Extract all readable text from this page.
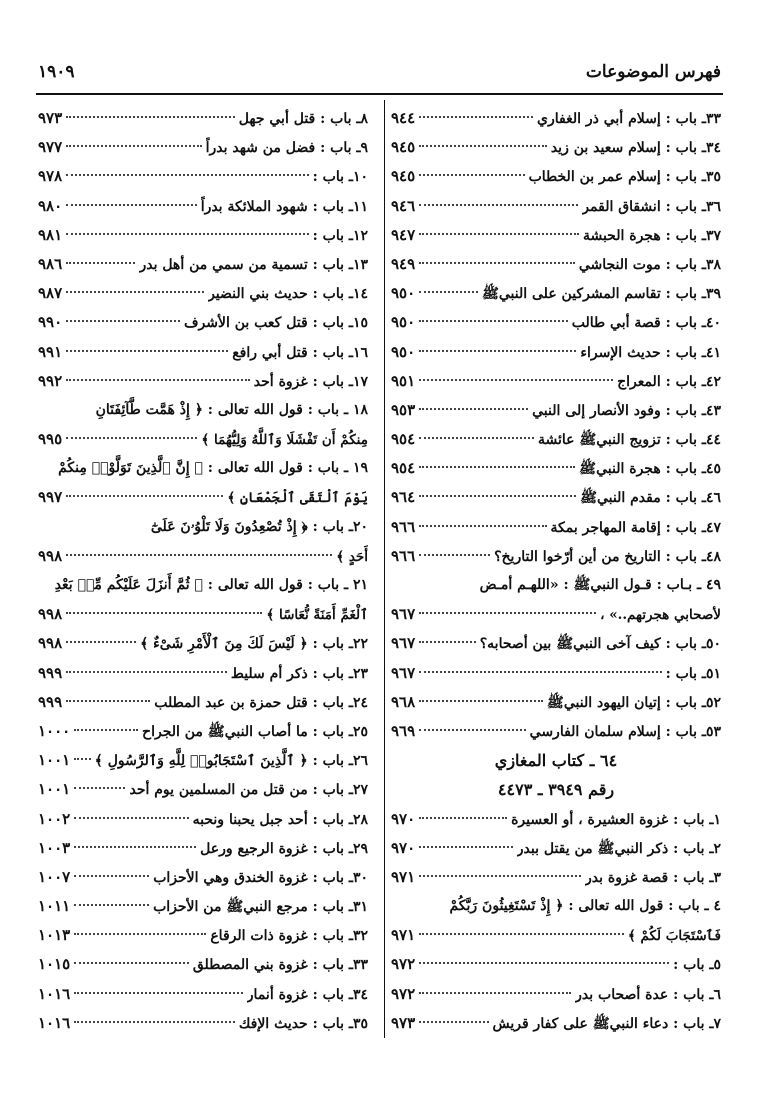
فهرس الموضوعات
١٩٠٩
٣٣ـ باب : إسلام أبي ذر الغفاري
٩٤٤
٣٤ـ باب : إسلام سعيد بن زيد
٩٤٥
٣٥ـ باب : إسلام عمر بن الخطاب
٩٤٥
٣٦ـ باب : انشقاق القمر
٩٤٦
٣٧ـ باب : هجرة الحبشة
٩٤٧
٣٨ـ باب : موت النجاشي
٩٤٩
٣٩ـ باب : تقاسم المشركين على النبيﷺ
٩٥٠
٤٠ـ باب : قصة أبي طالب
٩٥٠
٤١ـ باب : حديث الإسراء
٩٥٠
٤٢ـ باب : المعراج
٩٥١
٤٣ـ باب : وفود الأنصار إلى النبي
٩٥٣
٤٤ـ باب : تزويج النبيﷺ عائشة
٩٥٤
٤٥ـ باب : هجرة النبيﷺ
٩٥٤
٤٦ـ باب : مقدم النبيﷺ
٩٦٤
٤٧ـ باب : إقامة المهاجر بمكة
٩٦٦
٤٨ـ باب : التاريخ من أين أرّخوا التاريخ؟
٩٦٦
٤٩ ـ بـاب : قـول النبيﷺ : «اللهـم أمـض
لأصحابي هجرتهم..» ،
٩٦٧
٥٠ـ باب : كيف آخى النبيﷺ بين أصحابه؟
٩٦٧
٥١ـ باب :
٩٦٧
٥٢ـ باب : إتيان اليهود النبيﷺ
٩٦٨
٥٣ـ باب : إسلام سلمان الفارسي
٩٦٩
٦٤ ـ كتاب المغازي
رقم ٣٩٤٩ ـ ٤٤٧٣
١ـ باب : غزوة العشيرة ، أو العسيرة
٩٧٠
٢ـ باب : ذكر النبيﷺ من يقتل ببدر
٩٧٠
٣ـ باب : قصة غزوة بدر
٩٧١
٤ ـ باب : قول الله تعالى : ﴿ إِذْ تَسْتَغِيثُونَ رَبَّكُمْ
فَٱسْتَجَابَ لَكُمْ ﴾
٩٧١
٥ـ باب :
٩٧٢
٦ـ باب : عدة أصحاب بدر
٩٧٢
٧ـ باب : دعاء النبيﷺ على كفار قريش
٩٧٣
٨ـ باب : قتل أبي جهل
٩٧٣
٩ـ باب : فضل من شهد بدراً
٩٧٧
١٠ـ باب :
٩٧٨
١١ـ باب : شهود الملائكة بدراً
٩٨٠
١٢ـ باب :
٩٨١
١٣ـ باب : تسمية من سمي من أهل بدر
٩٨٦
١٤ـ باب : حديث بني النضير
٩٨٧
١٥ـ باب : قتل كعب بن الأشرف
٩٩٠
١٦ـ باب : قتل أبي رافع
٩٩١
١٧ـ باب : غزوة أحد
٩٩٢
١٨ ـ باب : قول الله تعالى : ﴿ إِذْ هَمَّت طَّآئِفَتَانِ
مِنكُمْ أَن تَفْشَلَا وَٱللَّهُ وَلِيُّهُمَا ﴾
٩٩٥
١٩ ـ باب : قول الله تعالى : ﴿ إِنَّ ٱلَّذِينَ تَوَلَّوْا۟ مِنكُمْ
يَوْمَ ٱلْتَقَى ٱلْجَمْعَانِ ﴾
٩٩٧
٢٠ـ باب : ﴿ إِذْ تُصْعِدُونَ وَلَا تَلْوُۥنَ عَلَىٰٓ
أَحَدٍ ﴾
٩٩٨
٢١ ـ باب : قول الله تعالى : ﴿ ثُمَّ أَنزَلَ عَلَيْكُم مِّنۢ بَعْدِ
ٱلْغَمِّ أَمَنَةً نُّعَاسًا ﴾
٩٩٨
٢٢ـ باب : ﴿ لَيْسَ لَكَ مِنَ ٱلْأَمْرِ شَىْءٌ ﴾
٩٩٨
٢٣ـ باب : ذكر أم سليط
٩٩٩
٢٤ـ باب : قتل حمزة بن عبد المطلب
٩٩٩
٢٥ـ باب : ما أصاب النبيﷺ من الجراح
١٠٠٠
٢٦ـ باب : ﴿ ٱلَّذِينَ ٱسْتَجَابُوا۟ لِلَّهِ وَٱلرَّسُولِ ﴾
١٠٠١
٢٧ـ باب : من قتل من المسلمين يوم أحد
١٠٠١
٢٨ـ باب : أحد جبل يحبنا ونحبه
١٠٠٢
٢٩ـ باب : غزوة الرجيع ورعل
١٠٠٣
٣٠ـ باب : غزوة الخندق وهي الأحزاب
١٠٠٧
٣١ـ باب : مرجع النبيﷺ من الأحزاب
١٠١١
٣٢ـ باب : غزوة ذات الرقاع
١٠١٣
٣٣ـ باب : غزوة بني المصطلق
١٠١٥
٣٤ـ باب : غزوة أنمار
١٠١٦
٣٥ـ باب : حديث الإفك
١٠١٦
